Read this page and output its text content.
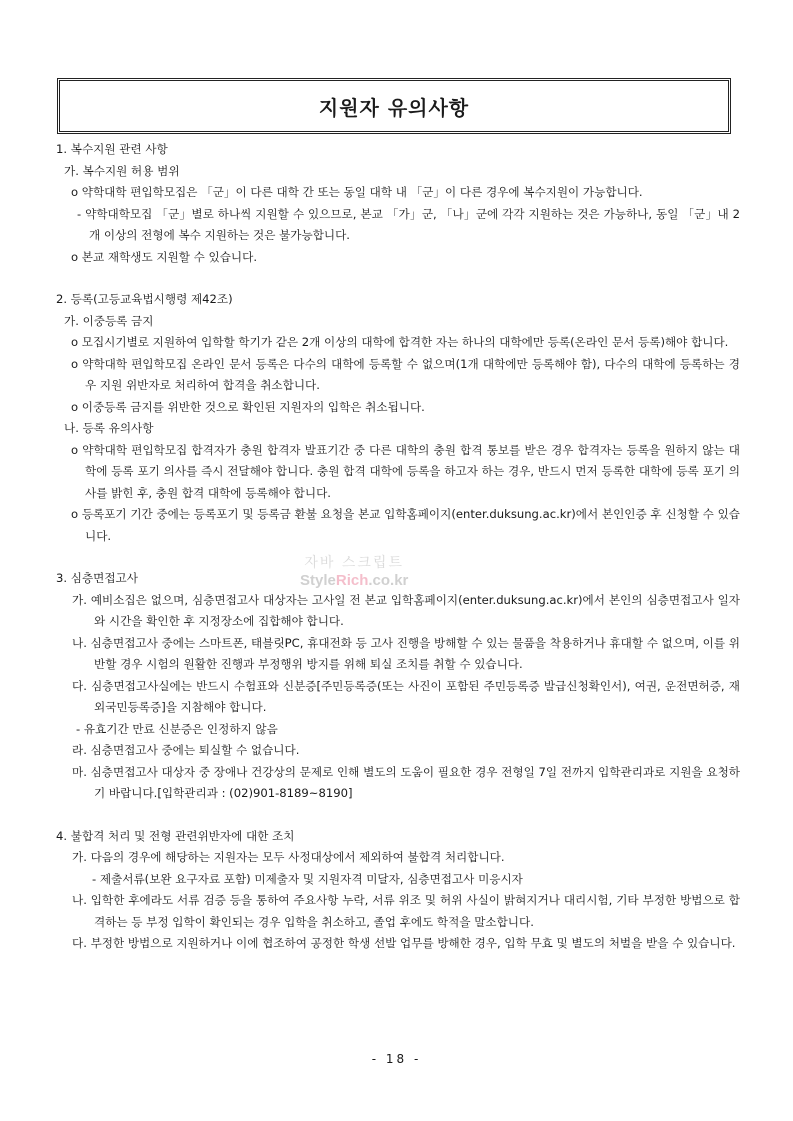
지원자 유의사항
1. 복수지원 관련 사항
가. 복수지원 허용 범위
o 약학대학 편입학모집은 「군」이 다른 대학 간 또는 동일 대학 내 「군」이 다른 경우에 복수지원이 가능합니다.
- 약학대학모집 「군」별로 하나씩 지원할 수 있으므로, 본교 「가」군, 「나」군에 각각 지원하는 것은 가능하나, 동일 「군」내 2개 이상의 전형에 복수 지원하는 것은 불가능합니다.
o 본교 재학생도 지원할 수 있습니다.
2. 등록(고등교육법시행령 제42조)
가. 이중등록 금지
o 모집시기별로 지원하여 입학할 학기가 같은 2개 이상의 대학에 합격한 자는 하나의 대학에만 등록(온라인 문서 등록)해야 합니다.
o 약학대학 편입학모집 온라인 문서 등록은 다수의 대학에 등록할 수 없으며(1개 대학에만 등록해야 함), 다수의 대학에 등록하는 경우 지원 위반자로 처리하여 합격을 취소합니다.
o 이중등록 금지를 위반한 것으로 확인된 지원자의 입학은 취소됩니다.
나. 등록 유의사항
o 약학대학 편입학모집 합격자가 충원 합격자 발표기간 중 다른 대학의 충원 합격 통보를 받은 경우 합격자는 등록을 원하지 않는 대학에 등록 포기 의사를 즉시 전달해야 합니다. 충원 합격 대학에 등록을 하고자 하는 경우, 반드시 먼저 등록한 대학에 등록 포기 의사를 밝힌 후, 충원 합격 대학에 등록해야 합니다.
o 등록포기 기간 중에는 등록포기 및 등록금 환불 요청을 본교 입학홈페이지(enter.duksung.ac.kr)에서 본인인증 후 신청할 수 있습니다.
3. 심층면접고사
가. 예비소집은 없으며, 심층면접고사 대상자는 고사일 전 본교 입학홈페이지(enter.duksung.ac.kr)에서 본인의 심층면접고사 일자와 시간을 확인한 후 지정장소에 집합해야 합니다.
나. 심층면접고사 중에는 스마트폰, 태블릿PC, 휴대전화 등 고사 진행을 방해할 수 있는 물품을 착용하거나 휴대할 수 없으며, 이를 위반할 경우 시험의 원활한 진행과 부정행위 방지를 위해 퇴실 조치를 취할 수 있습니다.
다. 심층면접고사실에는 반드시 수험표와 신분증[주민등록증(또는 사진이 포함된 주민등록증 발급신청확인서), 여권, 운전면허증, 재외국민등록증]을 지참해야 합니다.
- 유효기간 만료 신분증은 인정하지 않음
라. 심층면접고사 중에는 퇴실할 수 없습니다.
마. 심층면접고사 대상자 중 장애나 건강상의 문제로 인해 별도의 도움이 필요한 경우 전형일 7일 전까지 입학관리과로 지원을 요청하기 바랍니다.[입학관리과 : (02)901-8189~8190]
4. 불합격 처리 및 전형 관련위반자에 대한 조치
가. 다음의 경우에 해당하는 지원자는 모두 사정대상에서 제외하여 불합격 처리합니다.
- 제출서류(보완 요구자료 포함) 미제출자 및 지원자격 미달자, 심층면접고사 미응시자
나. 입학한 후에라도 서류 검증 등을 통하여 주요사항 누락, 서류 위조 및 허위 사실이 밝혀지거나 대리시험, 기타 부정한 방법으로 합격하는 등 부정 입학이 확인되는 경우 입학을 취소하고, 졸업 후에도 학적을 말소합니다.
다. 부정한 방법으로 지원하거나 이에 협조하여 공정한 학생 선발 업무를 방해한 경우, 입학 무효 및 별도의 처벌을 받을 수 있습니다.
자바 스크립트
StyleRich.co.kr
- 18 -
